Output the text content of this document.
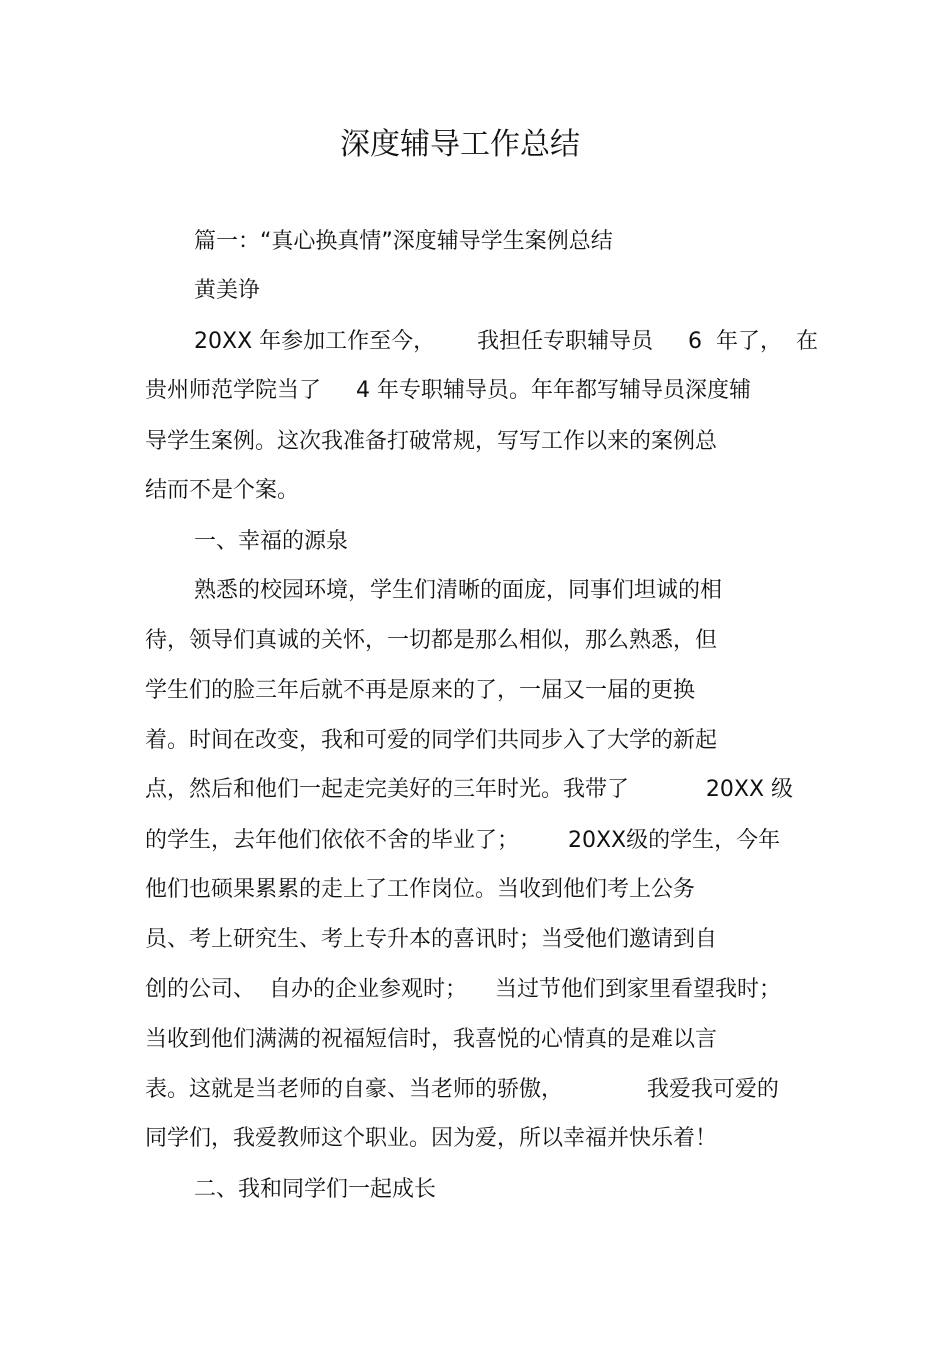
深度辅导工作总结
篇一：“真心换真情”深度辅导学生案例总结
黄美诤
20XX 年参加工作至今，      我担任专职辅导员     6  年了，  在
贵州师范学院当了     4 年专职辅导员。年年都写辅导员深度辅
导学生案例。这次我准备打破常规，写写工作以来的案例总
结而不是个案。
一、幸福的源泉
熟悉的校园环境，学生们清晰的面庞，同事们坦诚的相
待，领导们真诚的关怀，一切都是那么相似，那么熟悉，但
学生们的脸三年后就不再是原来的了，一届又一届的更换
着。时间在改变，我和可爱的同学们共同步入了大学的新起
点，然后和他们一起走完美好的三年时光。我带了           20XX 级
的学生，去年他们依依不舍的毕业了；       20XX级的学生，今年
他们也硕果累累的走上了工作岗位。当收到他们考上公务
员、考上研究生、考上专升本的喜讯时；当受他们邀请到自
创的公司、  自办的企业参观时；    当过节他们到家里看望我时；
当收到他们满满的祝福短信时，我喜悦的心情真的是难以言
表。这就是当老师的自豪、当老师的骄傲，            我爱我可爱的
同学们，我爱教师这个职业。因为爱，所以幸福并快乐着！
二、我和同学们一起成长
